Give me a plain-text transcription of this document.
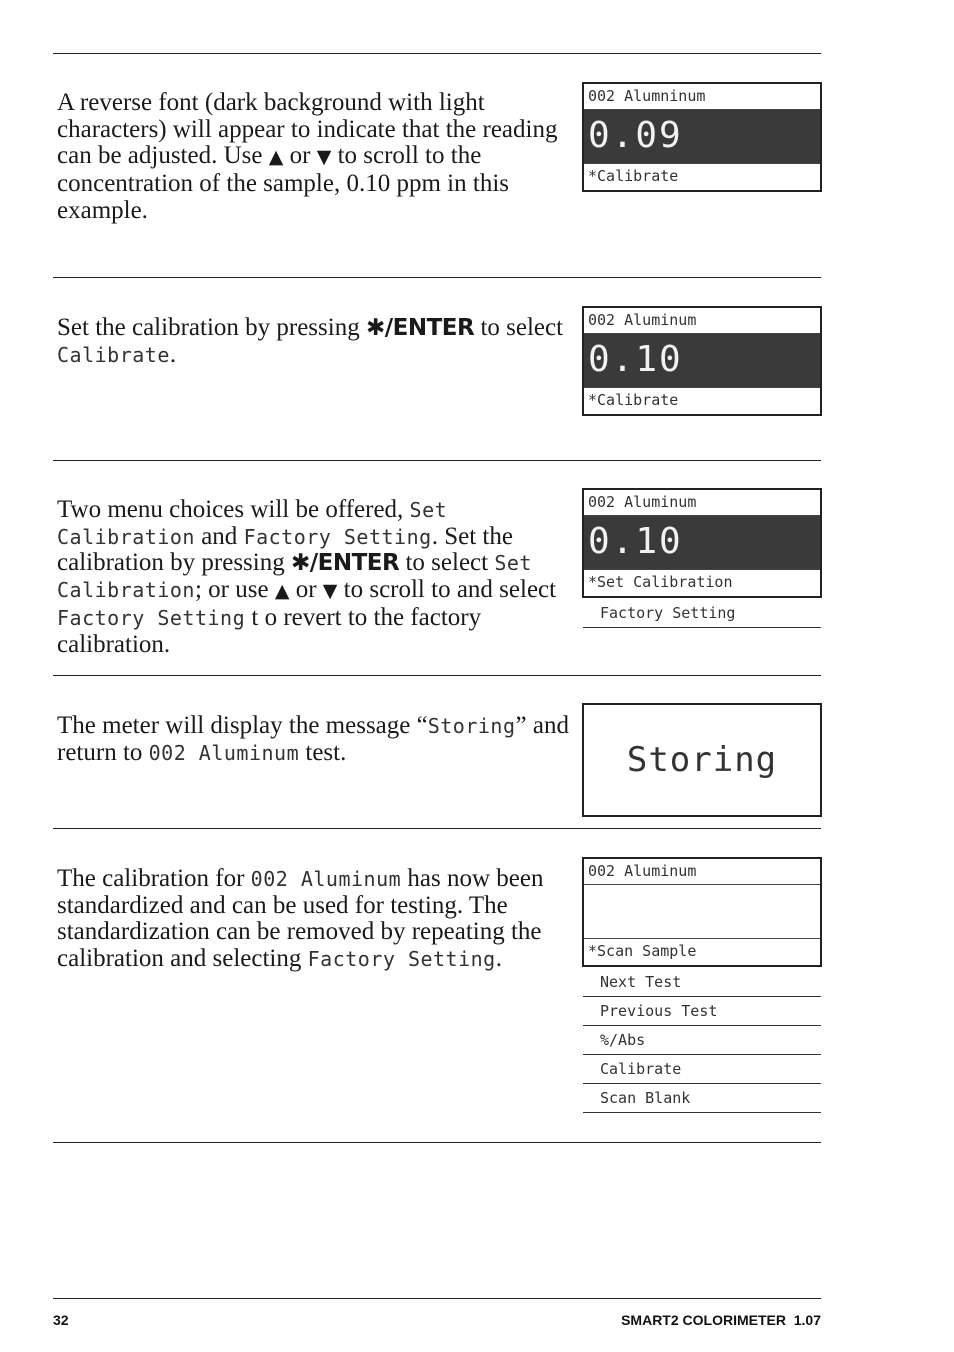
A reverse font (dark background with light characters) will appear to indicate that the reading can be adjusted. Use ▲ or ▼ to scroll to the concentration of the sample, 0.10 ppm in this example.
002 Alumninum
0.09
*Calibrate
Set the calibration by pressing ✱/ENTER to select Calibrate.
002 Aluminum
0.10
*Calibrate
Two menu choices will be offered, Set Calibration and Factory Setting. Set the calibration by pressing ✱/ENTER to select Set Calibration; or use ▲ or ▼ to scroll to and select Factory Setting t o revert to the factory calibration.
002 Aluminum
0.10
*Set Calibration
Factory Setting
The meter will display the message “Storing” and return to 002 Aluminum test.	Storing
The calibration for 002 Aluminum has now been standardized and can be used for testing. The standardization can be removed by repeating the calibration and selecting Factory Setting.
002 Aluminum
*Scan Sample
Next Test
Previous Test
%/Abs
Calibrate
Scan Blank
32	SMART2 COLORIMETER  1.07
